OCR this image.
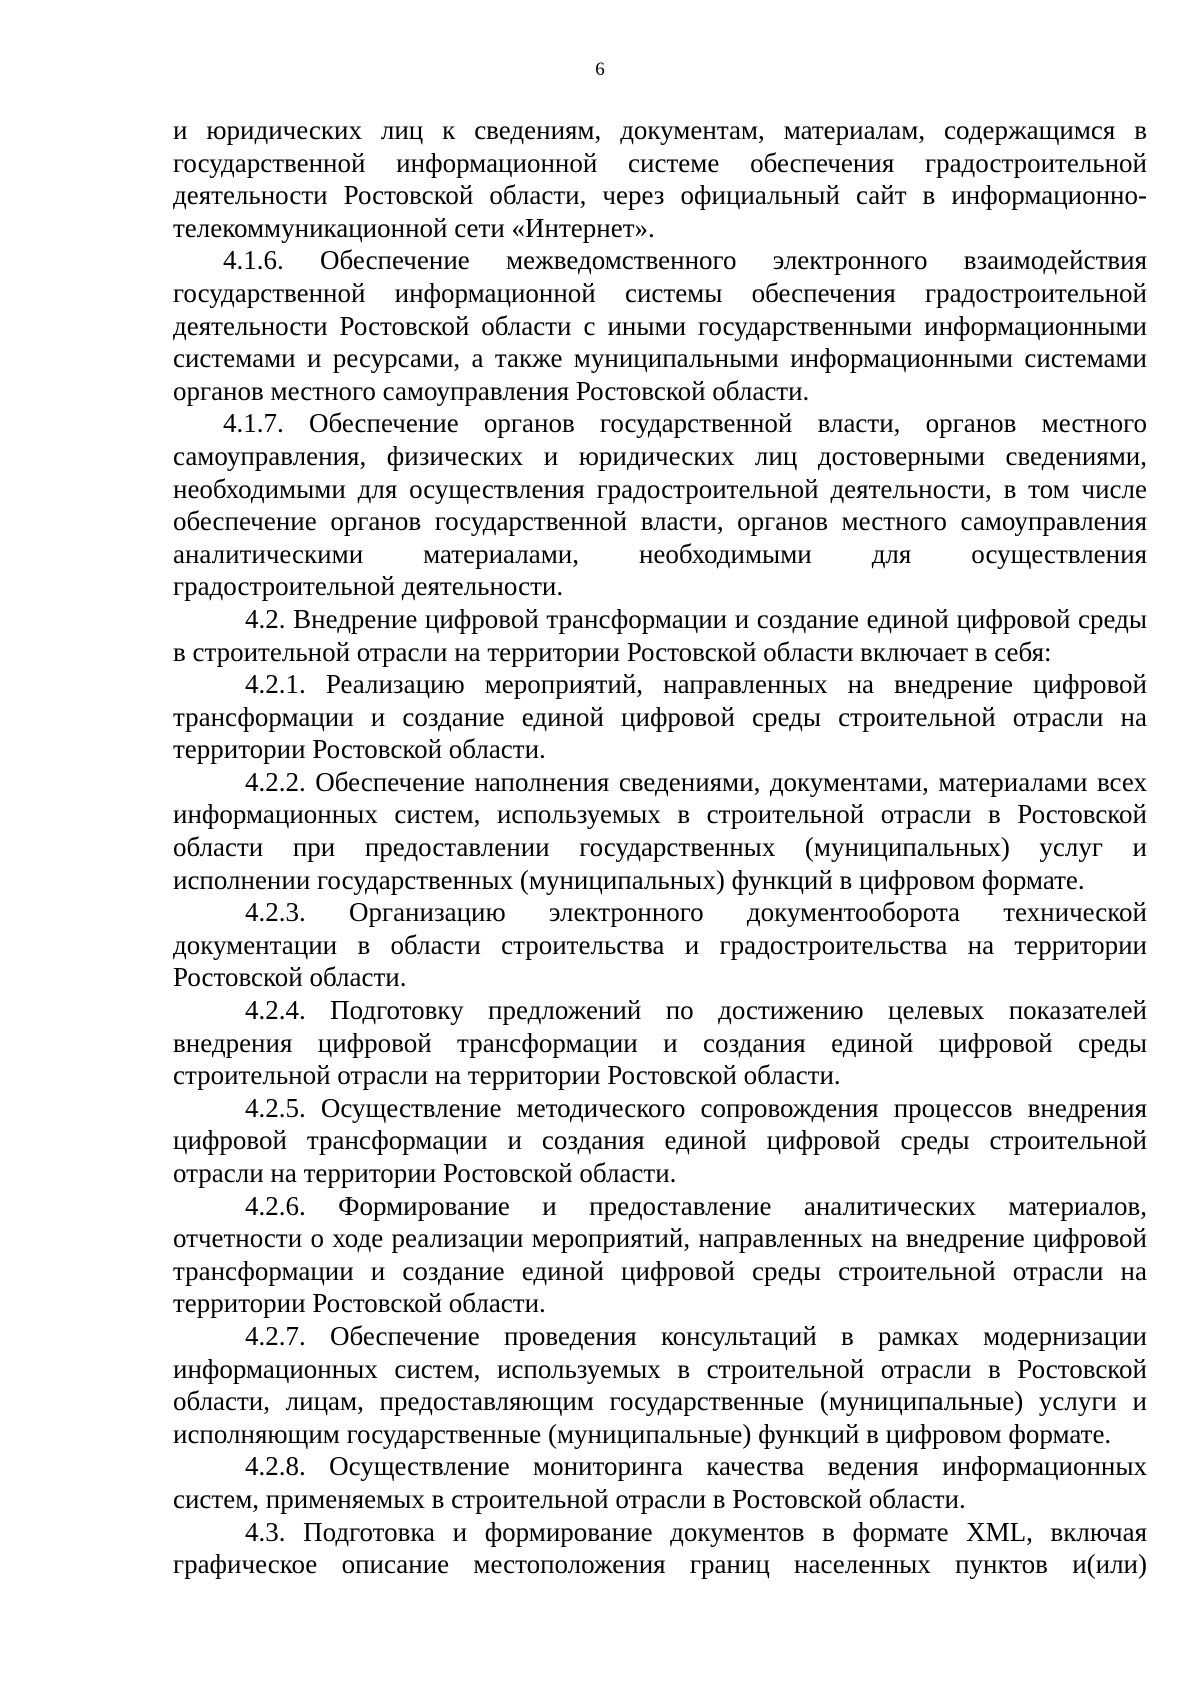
6

и юридических лиц к сведениям, документам, материалам, содержащимся в государственной информационной системе обеспечения градостроительной деятельности Ростовской области, через официальный сайт в информационно-телекоммуникационной сети «Интернет».

4.1.6. Обеспечение межведомственного электронного взаимодействия государственной информационной системы обеспечения градостроительной деятельности Ростовской области с иными государственными информационными системами и ресурсами, а также муниципальными информационными системами органов местного самоуправления Ростовской области.

4.1.7. Обеспечение органов государственной власти, органов местного самоуправления, физических и юридических лиц достоверными сведениями, необходимыми для осуществления градостроительной деятельности, в том числе обеспечение органов государственной власти, органов местного самоуправления аналитическими материалами, необходимыми для осуществления градостроительной деятельности.

4.2. Внедрение цифровой трансформации и создание единой цифровой среды в строительной отрасли на территории Ростовской области включает в себя:

4.2.1. Реализацию мероприятий, направленных на внедрение цифровой трансформации и создание единой цифровой среды строительной отрасли на территории Ростовской области.

4.2.2. Обеспечение наполнения сведениями, документами, материалами всех информационных систем, используемых в строительной отрасли в Ростовской области при предоставлении государственных (муниципальных) услуг и исполнении государственных (муниципальных) функций в цифровом формате.

4.2.3. Организацию электронного документооборота технической документации в области строительства и градостроительства на территории Ростовской области.

4.2.4. Подготовку предложений по достижению целевых показателей внедрения цифровой трансформации и создания единой цифровой среды строительной отрасли на территории Ростовской области.

4.2.5. Осуществление методического сопровождения процессов внедрения цифровой трансформации и создания единой цифровой среды строительной отрасли на территории Ростовской области.

4.2.6. Формирование и предоставление аналитических материалов, отчетности о ходе реализации мероприятий, направленных на внедрение цифровой трансформации и создание единой цифровой среды строительной отрасли на территории Ростовской области.

4.2.7. Обеспечение проведения консультаций в рамках модернизации информационных систем, используемых в строительной отрасли в Ростовской области, лицам, предоставляющим государственные (муниципальные) услуги и исполняющим государственные (муниципальные) функций в цифровом формате.

4.2.8. Осуществление мониторинга качества ведения информационных систем, применяемых в строительной отрасли в Ростовской области.

4.3. Подготовка и формирование документов в формате XML, включая графическое описание местоположения границ населенных пунктов и(или)
